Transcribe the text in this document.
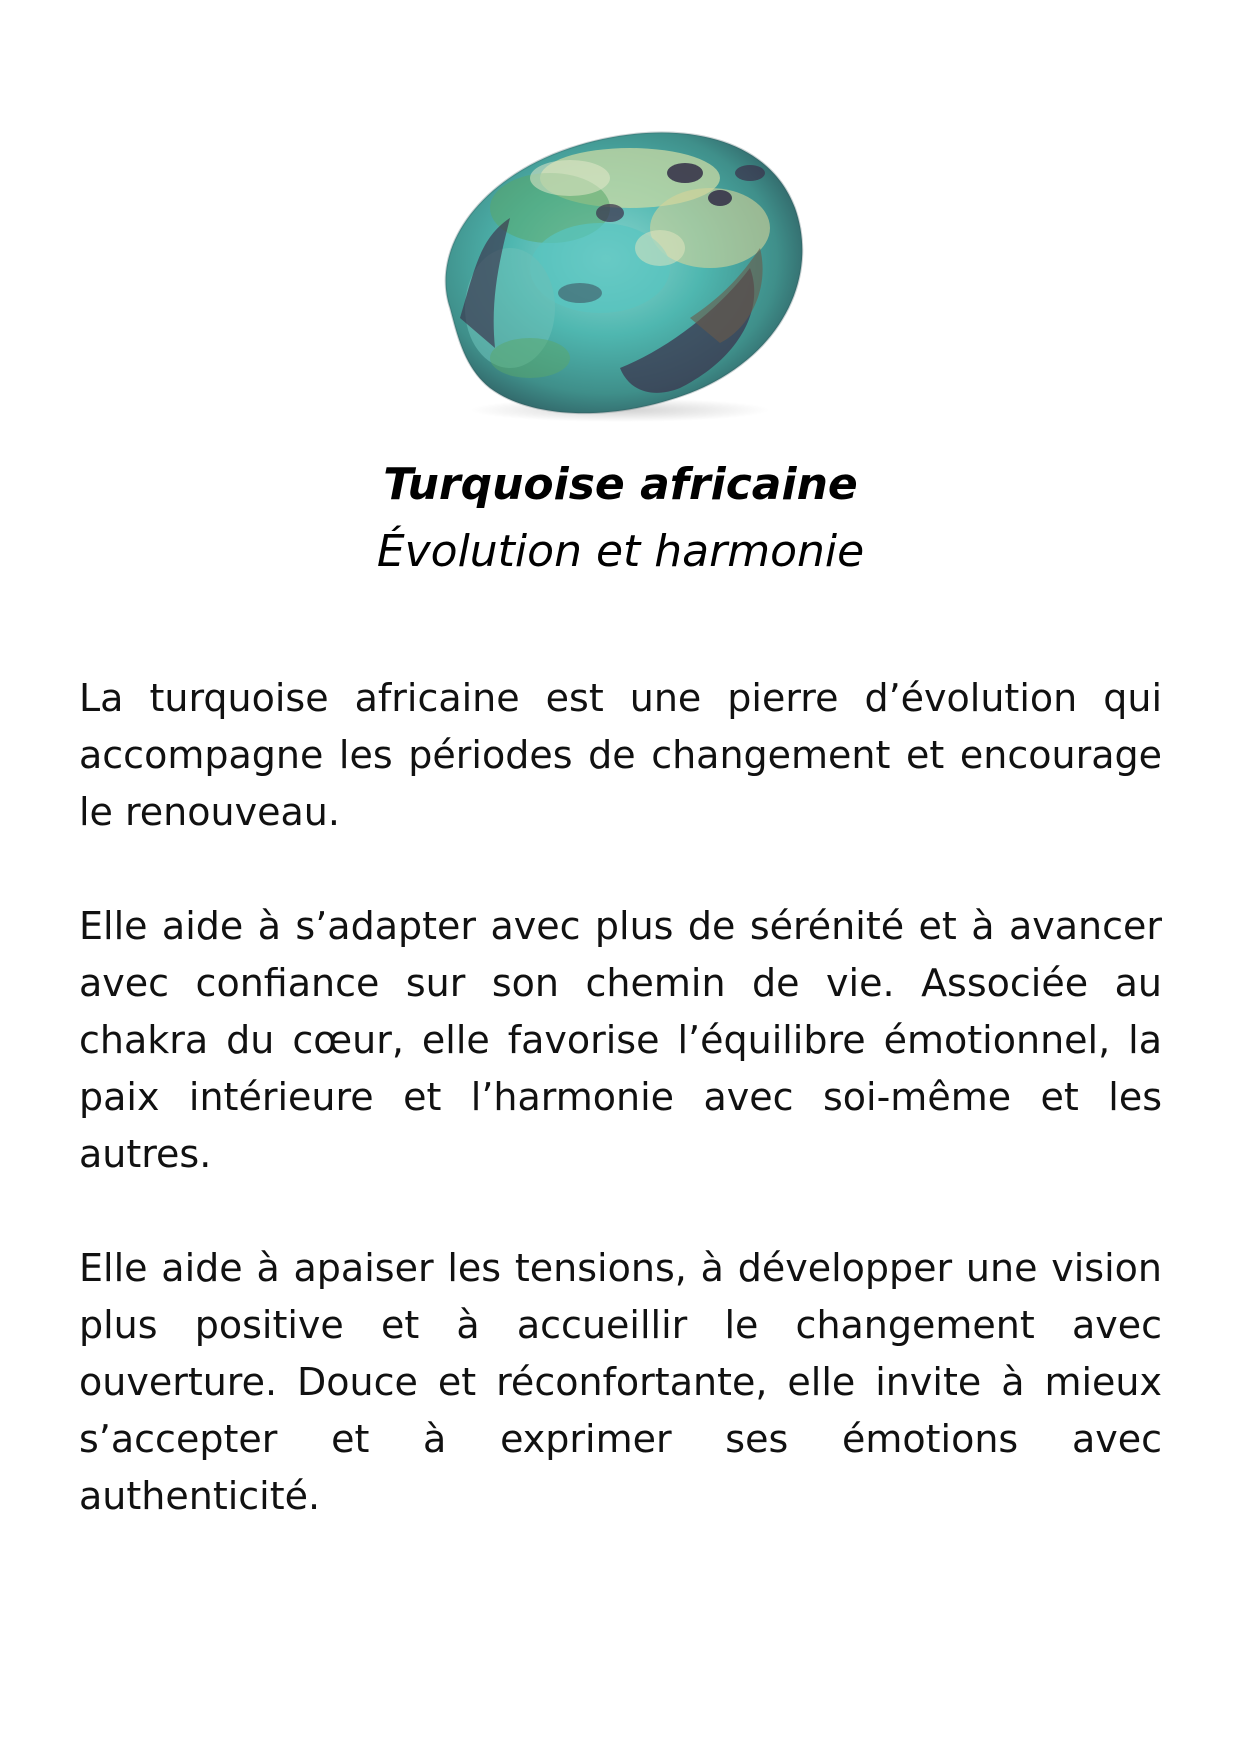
Turquoise africaine
Évolution et harmonie

La turquoise africaine est une pierre d’évolution qui accompagne les périodes de changement et encourage le renouveau.

Elle aide à s’adapter avec plus de sérénité et à avancer avec confiance sur son chemin de vie. Associée au chakra du cœur, elle favorise l’équilibre émotionnel, la paix intérieure et l’harmonie avec soi-même et les autres.

Elle aide à apaiser les tensions, à développer une vision plus positive et à accueillir le changement avec ouverture. Douce et réconfortante, elle invite à mieux s’accepter et à exprimer ses émotions avec authenticité.
